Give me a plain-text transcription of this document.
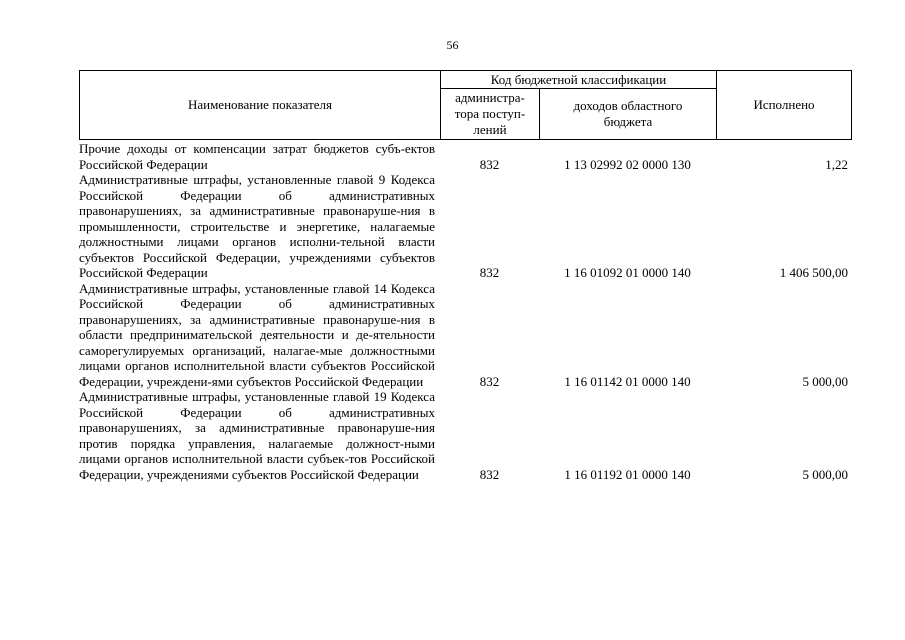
56
Наименование показателя
Код бюджетной классификации
администра-тора поступ-лений
доходов областного бюджета
Исполнено
Прочие доходы от компенсации затрат бюджетов субъ-ектов Российской Федерации	832	1 13 02992 02 0000 130	1,22
Административные штрафы, установленные главой 9 Кодекса Российской Федерации об административных правонарушениях, за административные правонаруше-ния в промышленности, строительстве и энергетике, налагаемые должностными лицами органов исполни-тельной власти субъектов Российской Федерации, учреждениями субъектов Российской Федерации	832	1 16 01092 01 0000 140	1 406 500,00
Административные штрафы, установленные главой 14 Кодекса Российской Федерации об административных правонарушениях, за административные правонаруше-ния в области предпринимательской деятельности и де-ятельности саморегулируемых организаций, налагае-мые должностными лицами органов исполнительной власти субъектов Российской Федерации, учреждени-ями субъектов Российской Федерации	832	1 16 01142 01 0000 140	5 000,00
Административные штрафы, установленные главой 19 Кодекса Российской Федерации об административных правонарушениях, за административные правонаруше-ния против порядка управления, налагаемые должност-ными лицами органов исполнительной власти субъек-тов Российской Федерации, учреждениями субъектов Российской Федерации	832	1 16 01192 01 0000 140	5 000,00
